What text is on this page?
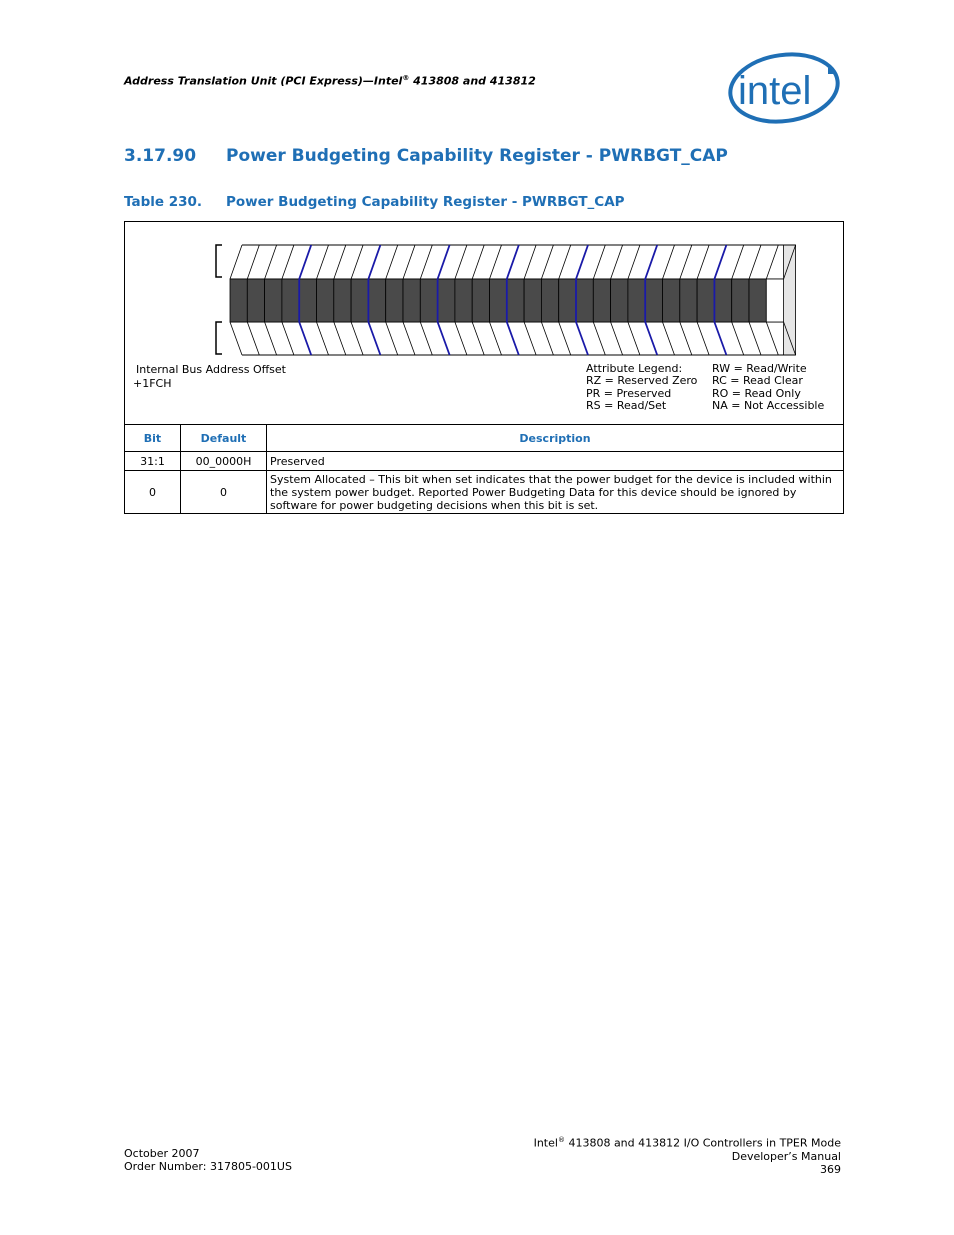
Address Translation Unit (PCI Express)—Intel® 413808 and 413812	intel
3.17.90 Power Budgeting Capability Register - PWRBGT_CAP
Table 230. Power Budgeting Capability Register - PWRBGT_CAP
Internal Bus Address Offset
+1FCH
Attribute Legend:	RW = Read/Write
RZ = Reserved Zero	RC = Read Clear
PR = Preserved	RO = Read Only
RS = Read/Set	NA = Not Accessible
Bit	Default	Description
31:1	00_0000H	Preserved
0	0	System Allocated – This bit when set indicates that the power budget for the device is included within the system power budget. Reported Power Budgeting Data for this device should be ignored by software for power budgeting decisions when this bit is set.
October 2007
Order Number: 317805-001US
Intel® 413808 and 413812 I/O Controllers in TPER Mode
Developer’s Manual
369
